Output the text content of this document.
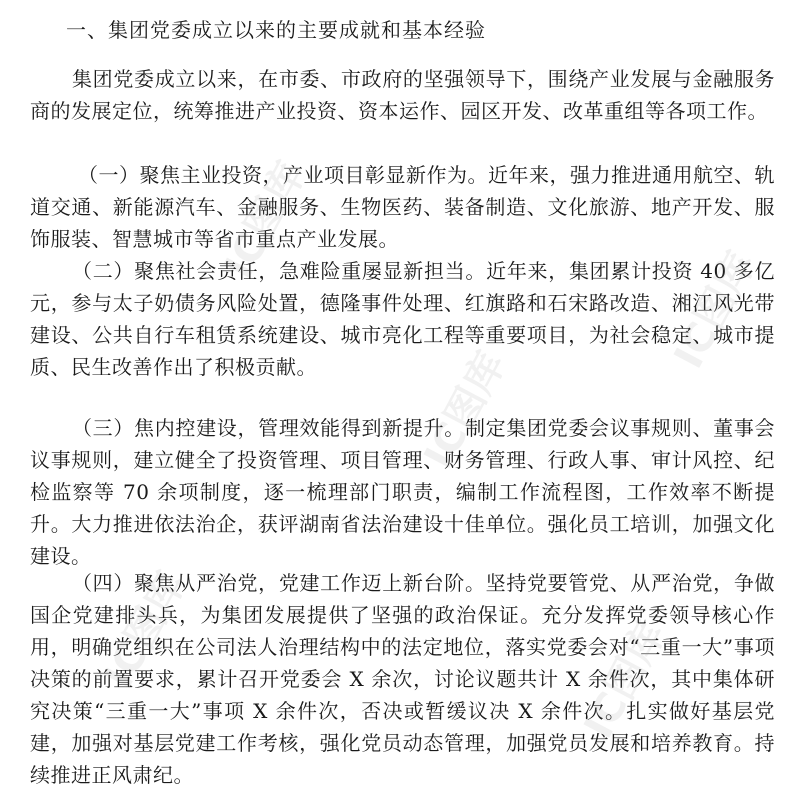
一、集团党委成立以来的主要成就和基本经验

集团党委成立以来，在市委、市政府的坚强领导下，围绕产业发展与金融服务商的发展定位，统筹推进产业投资、资本运作、园区开发、改革重组等各项工作。

（一）聚焦主业投资，产业项目彰显新作为。近年来，强力推进通用航空、轨道交通、新能源汽车、金融服务、生物医药、装备制造、文化旅游、地产开发、服饰服装、智慧城市等省市重点产业发展。

（二）聚焦社会责任，急难险重屡显新担当。近年来，集团累计投资 40 多亿元，参与太子奶债务风险处置，德隆事件处理、红旗路和石宋路改造、湘江风光带建设、公共自行车租赁系统建设、城市亮化工程等重要项目，为社会稳定、城市提质、民生改善作出了积极贡献。

（三）焦内控建设，管理效能得到新提升。制定集团党委会议事规则、董事会议事规则，建立健全了投资管理、项目管理、财务管理、行政人事、审计风控、纪检监察等 70 余项制度，逐一梳理部门职责，编制工作流程图，工作效率不断提升。大力推进依法治企，获评湖南省法治建设十佳单位。强化员工培训，加强文化建设。

（四）聚焦从严治党，党建工作迈上新台阶。坚持党要管党、从严治党，争做国企党建排头兵，为集团发展提供了坚强的政治保证。充分发挥党委领导核心作用，明确党组织在公司法人治理结构中的法定地位，落实党委会对“三重一大”事项决策的前置要求，累计召开党委会 X 余次，讨论议题共计 X 余件次，其中集体研究决策“三重一大”事项 X 余件次，否决或暂缓议决 X 余件次。扎实做好基层党建，加强对基层党建工作考核，强化党员动态管理，加强党员发展和培养教育。持续推进正风肃纪。

IC图库
IC图库
IC图库
IC图库	IC图库
